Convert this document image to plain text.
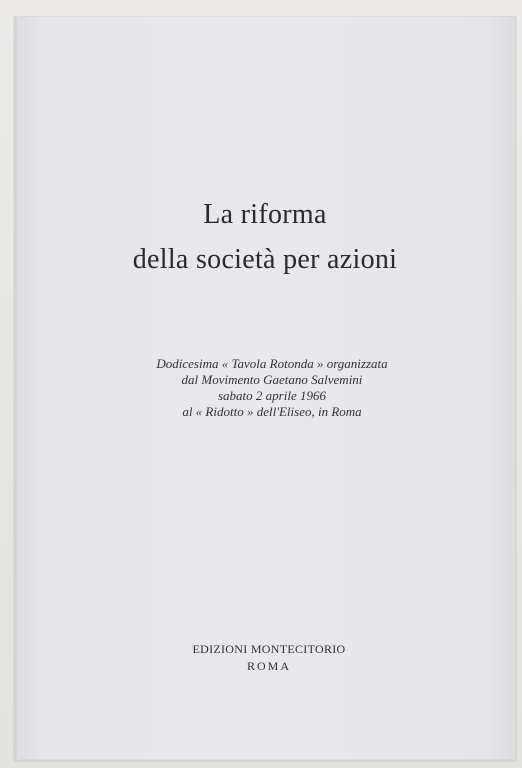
La riforma
della società per azioni
Dodicesima « Tavola Rotonda » organizzata
dal Movimento Gaetano Salvemini
sabato 2 aprile 1966
al « Ridotto » dell'Eliseo, in Roma
EDIZIONI MONTECITORIO
ROMA
